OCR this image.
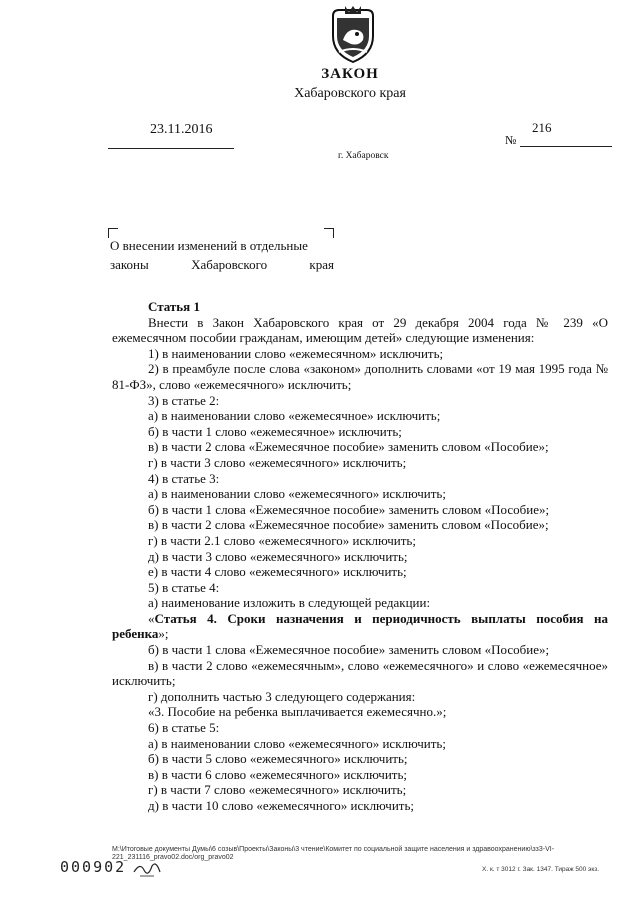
ЗАКОН
Хабаровского края
23.11.2016	216
№
г. Хабаровск
О внесении изменений в отдельные
законы	Хабаровского	края

Статья 1

Внести в Закон Хабаровского края от 29 декабря 2004 года № 239 «О ежемесячном пособии гражданам, имеющим детей» следующие изменения:

1) в наименовании слово «ежемесячном» исключить;

2) в преамбуле после слова «законом» дополнить словами «от 19 мая 1995 года № 81-ФЗ», слово «ежемесячного» исключить;

3) в статье 2:

а) в наименовании слово «ежемесячное» исключить;

б) в части 1 слово «ежемесячное» исключить;

в) в части 2 слова «Ежемесячное пособие» заменить словом «Пособие»;

г) в части 3 слово «ежемесячного» исключить;

4) в статье 3:

а) в наименовании слово «ежемесячного» исключить;

б) в части 1 слова «Ежемесячное пособие» заменить словом «Пособие»;

в) в части 2 слова «Ежемесячное пособие» заменить словом «Пособие»;

г) в части 2.1 слово «ежемесячного» исключить;

д) в части 3 слово «ежемесячного» исключить;

е) в части 4 слово «ежемесячного» исключить;

5) в статье 4:

а) наименование изложить в следующей редакции:

«Статья 4. Сроки назначения и периодичность выплаты пособия на ребенка»;

б) в части 1 слова «Ежемесячное пособие» заменить словом «Пособие»;

в) в части 2 слово «ежемесячным», слово «ежемесячного» и слово «ежемесячное» исключить;

г) дополнить частью 3 следующего содержания:

«3. Пособие на ребенка выплачивается ежемесячно.»;

6) в статье 5:

а) в наименовании слово «ежемесячного» исключить;

б) в части 5 слово «ежемесячного» исключить;

в) в части 6 слово «ежемесячного» исключить;

г) в части 7 слово «ежемесячного» исключить;

д) в части 10 слово «ежемесячного» исключить;

M:\Итоговые документы Думы\6 созыв\Проекты\Законы\3 чтение\Комитет по социальной защите населения и здравоохранению\зз3-VI-
221_231116_pravo02.doc/org_pravo02
Х. к. т 3012 г. Зак. 1347. Тираж 500 экз.
000902
